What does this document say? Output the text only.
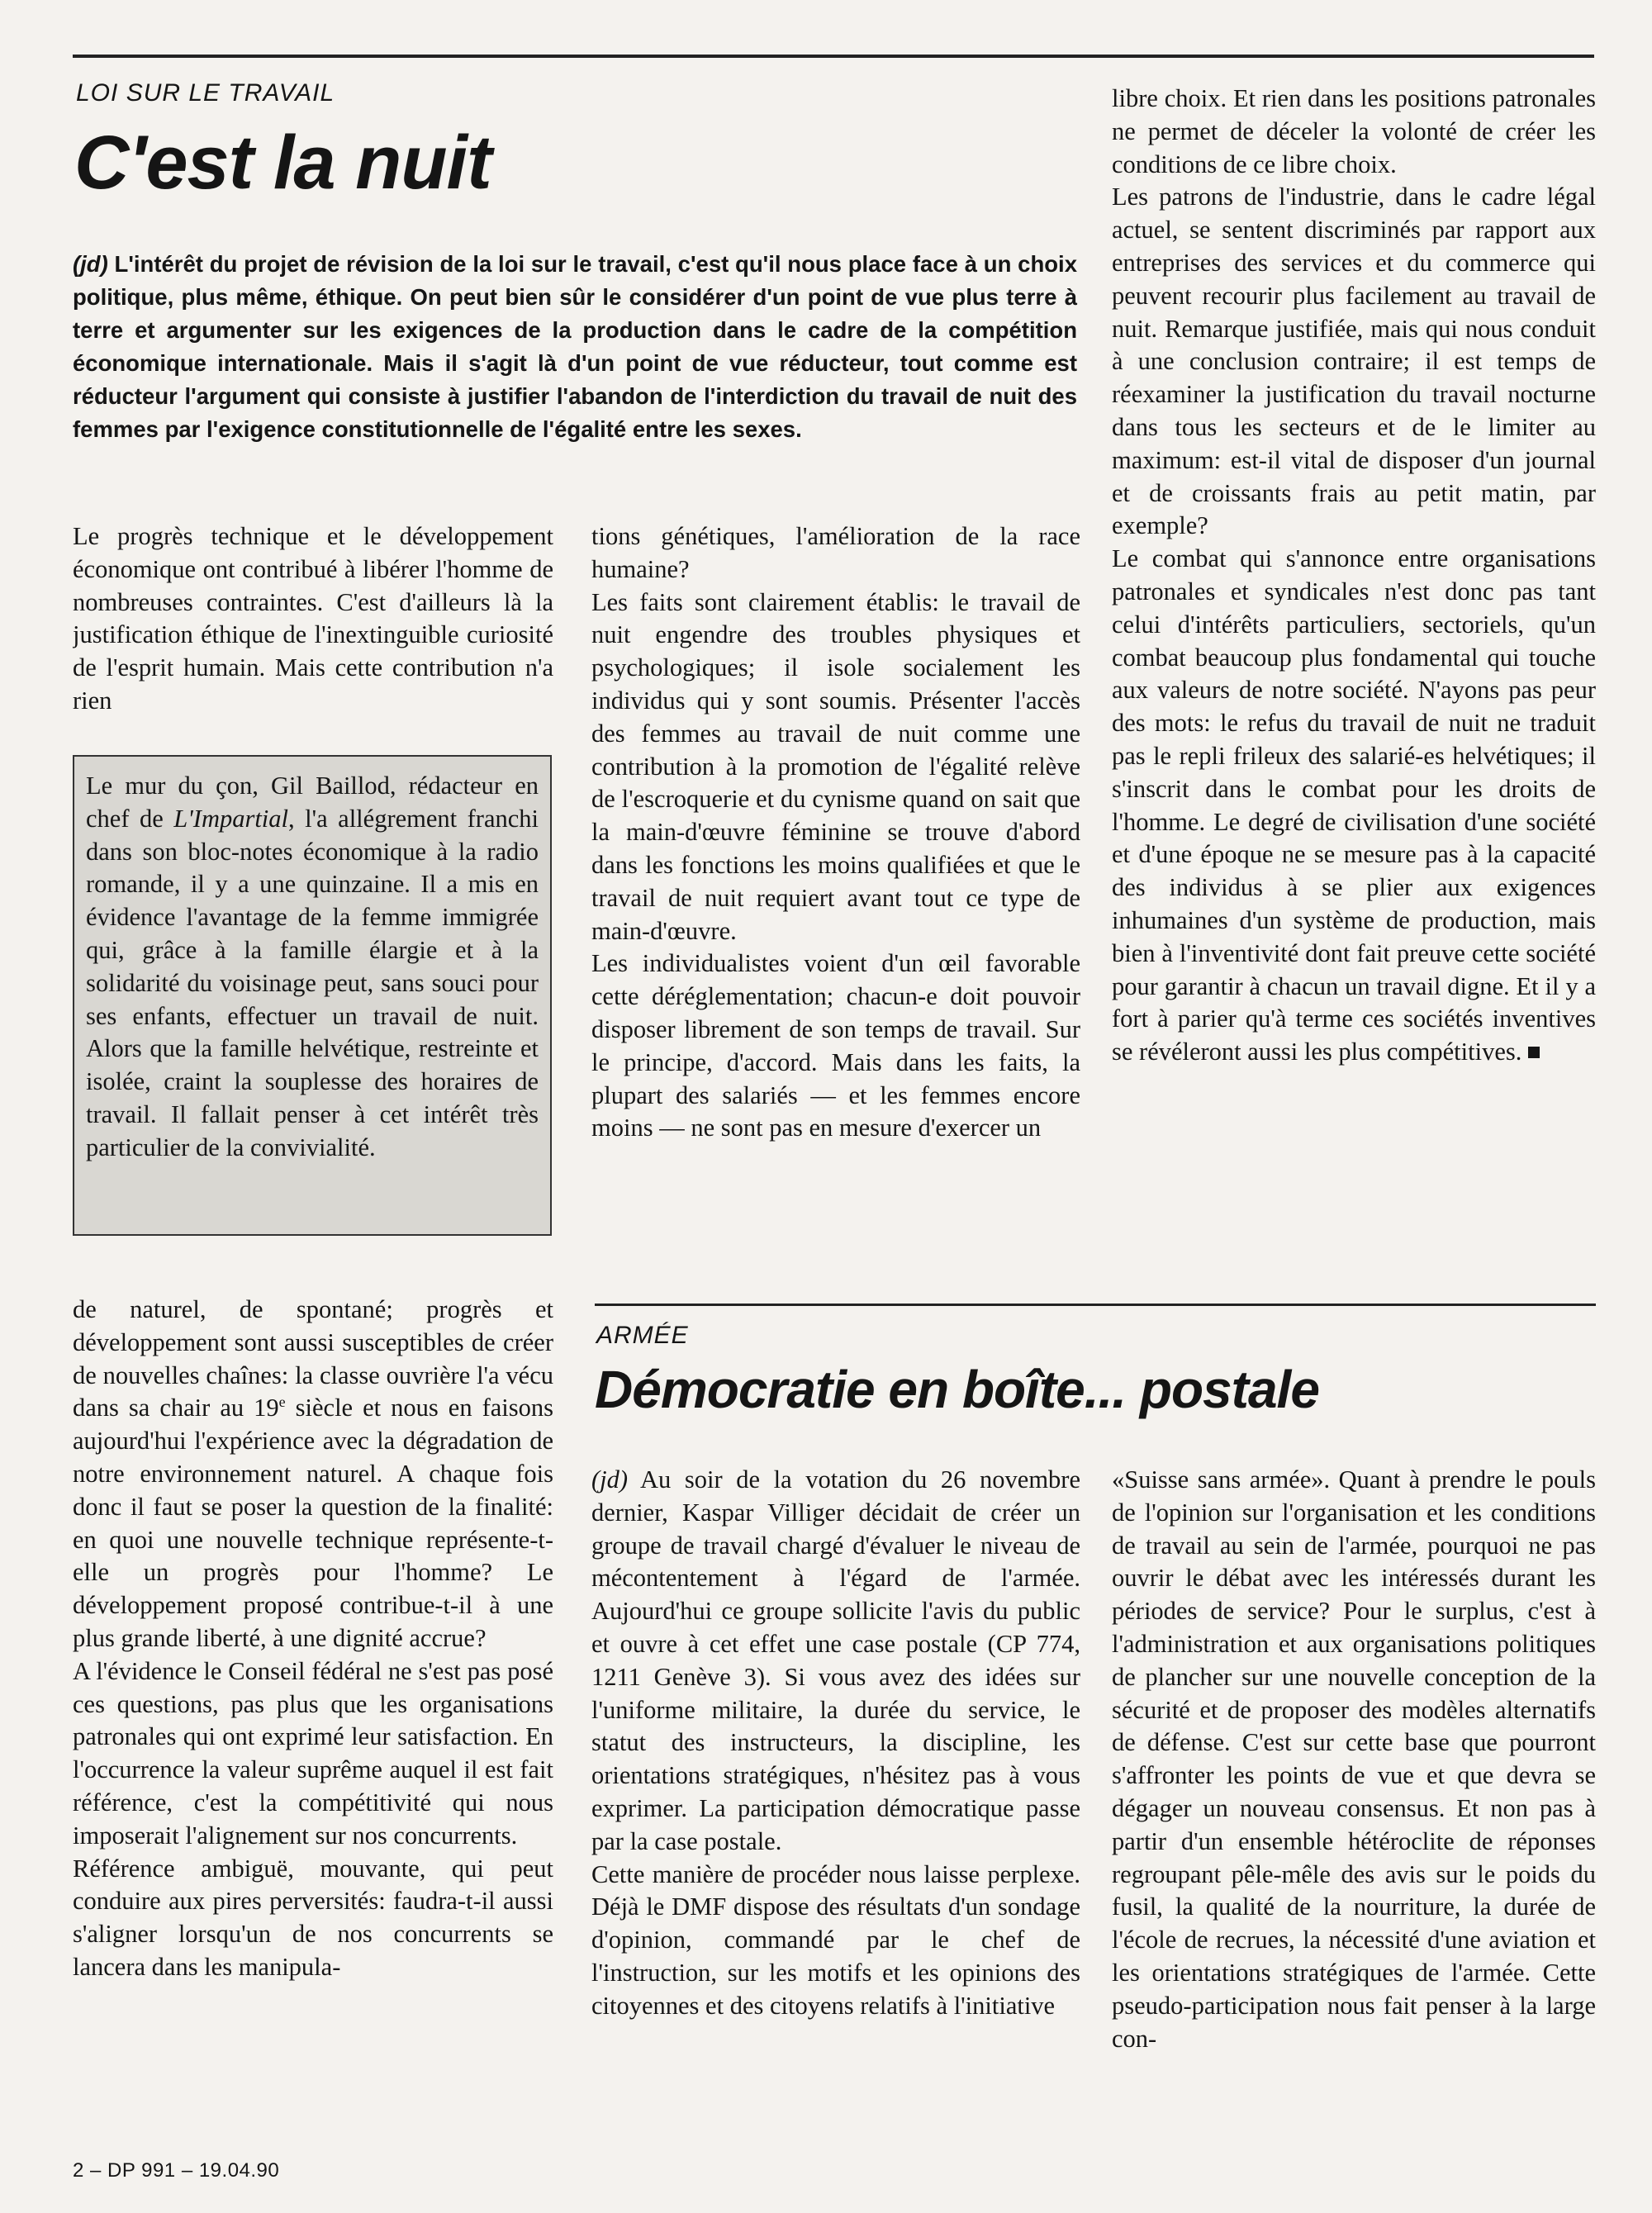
LOI SUR LE TRAVAIL
C'est la nuit

(jd) L'intérêt du projet de révision de la loi sur le travail, c'est qu'il nous place face à un choix politique, plus même, éthique. On peut bien sûr le considérer d'un point de vue plus terre à terre et argumenter sur les exigences de la production dans le cadre de la compétition économique internationale. Mais il s'agit là d'un point de vue réducteur, tout comme est réducteur l'argument qui consiste à justifier l'abandon de l'interdiction du travail de nuit des femmes par l'exigence constitutionnelle de l'égalité entre les sexes.

Le progrès technique et le développement économique ont contribué à libérer l'homme de nombreuses contraintes. C'est d'ailleurs là la justification éthique de l'inextinguible curiosité de l'esprit humain. Mais cette contribution n'a rien

Le mur du çon, Gil Baillod, rédacteur en chef de L'Impartial, l'a allégrement franchi dans son bloc-notes économique à la radio romande, il y a une quinzaine. Il a mis en évidence l'avantage de la femme immigrée qui, grâce à la famille élargie et à la solidarité du voisinage peut, sans souci pour ses enfants, effectuer un travail de nuit. Alors que la famille helvétique, restreinte et isolée, craint la souplesse des horaires de travail. Il fallait penser à cet intérêt très particulier de la convivialité.

de naturel, de spontané; progrès et développement sont aussi susceptibles de créer de nouvelles chaînes: la classe ouvrière l'a vécu dans sa chair au 19e siècle et nous en faisons aujourd'hui l'expérience avec la dégradation de notre environnement naturel. A chaque fois donc il faut se poser la question de la finalité: en quoi une nouvelle technique représente-t-elle un progrès pour l'homme? Le développement proposé contribue-t-il à une plus grande liberté, à une dignité accrue?

A l'évidence le Conseil fédéral ne s'est pas posé ces questions, pas plus que les organisations patronales qui ont exprimé leur satisfaction. En l'occurrence la valeur suprême auquel il est fait référence, c'est la compétitivité qui nous imposerait l'alignement sur nos concurrents.

Référence ambiguë, mouvante, qui peut conduire aux pires perversités: faudra-t-il aussi s'aligner lorsqu'un de nos concurrents se lancera dans les manipula-

tions génétiques, l'amélioration de la race humaine?

Les faits sont clairement établis: le travail de nuit engendre des troubles physiques et psychologiques; il isole socialement les individus qui y sont soumis. Présenter l'accès des femmes au travail de nuit comme une contribution à la promotion de l'égalité relève de l'escroquerie et du cynisme quand on sait que la main-d'œuvre féminine se trouve d'abord dans les fonctions les moins qualifiées et que le travail de nuit requiert avant tout ce type de main-d'œuvre.

Les individualistes voient d'un œil favorable cette déréglementation; chacun-e doit pouvoir disposer librement de son temps de travail. Sur le principe, d'accord. Mais dans les faits, la plupart des salariés — et les femmes encore moins — ne sont pas en mesure d'exercer un

libre choix. Et rien dans les positions patronales ne permet de déceler la volonté de créer les conditions de ce libre choix.

Les patrons de l'industrie, dans le cadre légal actuel, se sentent discriminés par rapport aux entreprises des services et du commerce qui peuvent recourir plus facilement au travail de nuit. Remarque justifiée, mais qui nous conduit à une conclusion contraire; il est temps de réexaminer la justification du travail nocturne dans tous les secteurs et de le limiter au maximum: est-il vital de disposer d'un journal et de croissants frais au petit matin, par exemple?

Le combat qui s'annonce entre organisations patronales et syndicales n'est donc pas tant celui d'intérêts particuliers, sectoriels, qu'un combat beaucoup plus fondamental qui touche aux valeurs de notre société. N'ayons pas peur des mots: le refus du travail de nuit ne traduit pas le repli frileux des salarié-es helvétiques; il s'inscrit dans le combat pour les droits de l'homme. Le degré de civilisation d'une société et d'une époque ne se mesure pas à la capacité des individus à se plier aux exigences inhumaines d'un système de production, mais bien à l'inventivité dont fait preuve cette société pour garantir à chacun un travail digne. Et il y a fort à parier qu'à terme ces sociétés inventives se révéleront aussi les plus compétitives.

ARMÉE
Démocratie en boîte... postale

(jd) Au soir de la votation du 26 novembre dernier, Kaspar Villiger décidait de créer un groupe de travail chargé d'évaluer le niveau de mécontentement à l'égard de l'armée. Aujourd'hui ce groupe sollicite l'avis du public et ouvre à cet effet une case postale (CP 774, 1211 Genève 3). Si vous avez des idées sur l'uniforme militaire, la durée du service, le statut des instructeurs, la discipline, les orientations stratégiques, n'hésitez pas à vous exprimer. La participation démocratique passe par la case postale.

Cette manière de procéder nous laisse perplexe. Déjà le DMF dispose des résultats d'un sondage d'opinion, commandé par le chef de l'instruction, sur les motifs et les opinions des citoyennes et des citoyens relatifs à l'initiative

«Suisse sans armée». Quant à prendre le pouls de l'opinion sur l'organisation et les conditions de travail au sein de l'armée, pourquoi ne pas ouvrir le débat avec les intéressés durant les périodes de service? Pour le surplus, c'est à l'administration et aux organisations politiques de plancher sur une nouvelle conception de la sécurité et de proposer des modèles alternatifs de défense. C'est sur cette base que pourront s'affronter les points de vue et que devra se dégager un nouveau consensus. Et non pas à partir d'un ensemble hétéroclite de réponses regroupant pêle-mêle des avis sur le poids du fusil, la qualité de la nourriture, la durée de l'école de recrues, la nécessité d'une aviation et les orientations stratégiques de l'armée. Cette pseudo-participation nous fait penser à la large con-

2 – DP 991 – 19.04.90
